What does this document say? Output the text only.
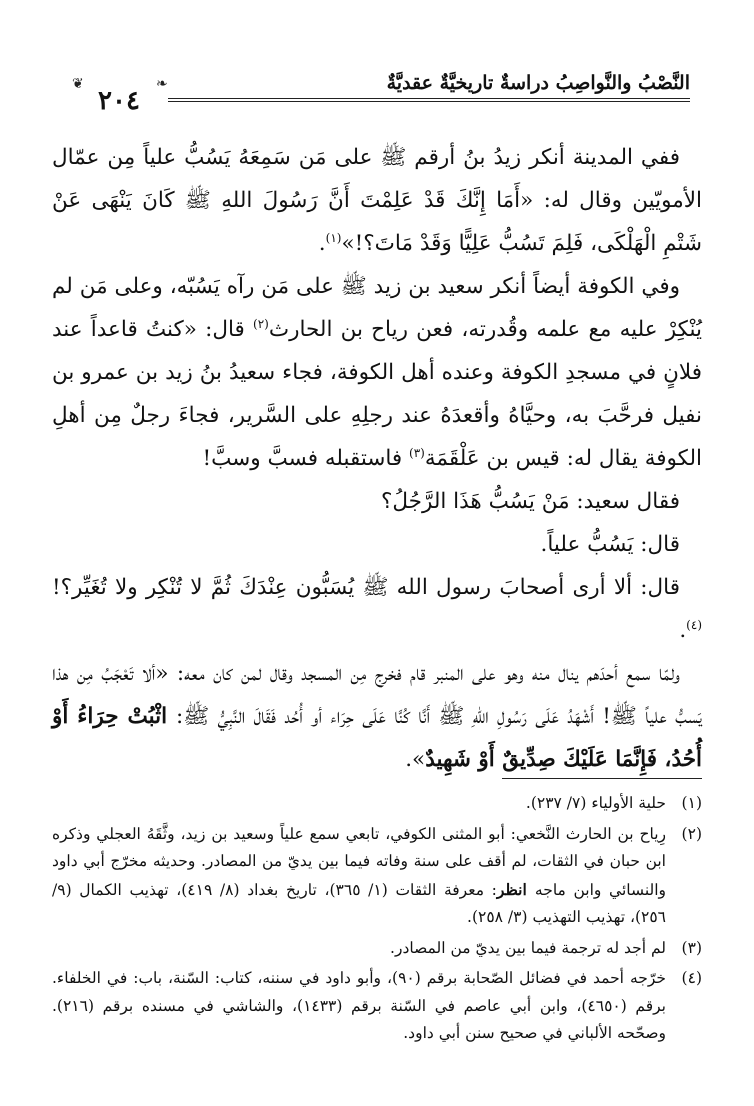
النَّصْبُ والنَّواصِبُ دراسةٌ تاريخيَّةٌ عقديَّةٌ
٢٠٤
❦	❧

ففي المدينة أنكر زيدُ بنُ أرقم ﷺ على مَن سَمِعَهُ يَسُبُّ علياً مِن عمّال الأمويّين وقال له: «أَمَا إِنَّكَ قَدْ عَلِمْتَ أَنَّ رَسُولَ اللهِ ﷺ كَانَ يَنْهَى عَنْ شَتْمِ الْهَلْكَى، فَلِمَ تَسُبُّ عَلِيًّا وَقَدْ مَاتَ؟!»$^{(١)}$.

وفي الكوفة أيضاً أنكر سعيد بن زيد ﷺ على مَن رآه يَسُبّه، وعلى مَن لم يُنْكِرْ عليه مع علمه وقُدرته، فعن رياح بن الحارث$^{(٢)}$ قال: «كنتُ قاعداً عند فلانٍ في مسجدِ الكوفة وعنده أهل الكوفة، فجاء سعيدُ بنُ زيد بن عمرو بن نفيل فرحَّبَ به، وحيَّاهُ وأقعدَهُ عند رجلِهِ على السَّرير، فجاءَ رجلٌ مِن أهلِ الكوفة يقال له: قيس بن عَلْقَمَة$^{(٣)}$ فاستقبله فسبَّ وسبَّ!

فقال سعيد: مَنْ يَسُبُّ هَذَا الرَّجُلُ؟

قال: يَسُبُّ علياً.

قال: ألا أرى أصحابَ رسول الله ﷺ يُسَبُّون عِنْدَكَ ثُمَّ لا تُنْكِر ولا تُغَيِّر؟!$^{(٤)}$.

ولمّا سمع أحدَهم ينال منه وهو على المنبر قام فخرج مِن المسجد وقال لمن كان معه: «ألا تَعْجَبُ مِن هذا يَسبُّ علياً ﷺ! أَشْهَدُ عَلَى رَسُولِ اللهِ ﷺ أَنَّا كُنَّا عَلَى حِرَاء أو أُحُد فَقَالَ النَّبِيُّ ﷺ: اثْبُتْ حِرَاءُ أَوْ أُحُدُ، فَإِنَّمَا عَلَيْكَ صِدِّيقٌ أَوْ شَهِيدٌ».

(١)
حلية الأولياء (٧/ ٢٣٧).
(٢)
رِياح بن الحارث النَّخعي: أبو المثنى الكوفي، تابعي سمع علياً وسعيد بن زيد، وثَّقَهُ العجلي وذكره ابن حبان في الثقات، لم أقف على سنة وفاته فيما بين يديّ من المصادر. وحديثه مخرّج أبي داود والنسائي وابن ماجه انظر: معرفة الثقات (١/ ٣٦٥)، تاريخ بغداد (٨/ ٤١٩)، تهذيب الكمال (٩/ ٢٥٦)، تهذيب التهذيب (٣/ ٢٥٨).
(٣)
لم أجد له ترجمة فيما بين يديّ من المصادر.
(٤)
خرّجه أحمد في فضائل الصّحابة برقم (٩٠)، وأبو داود في سننه، كتاب: السّنة، باب: في الخلفاء. برقم (٤٦٥٠)، وابن أبي عاصم في السّنة برقم (١٤٣٣)، والشاشي في مسنده برقم (٢١٦). وصحّحه الألباني في صحيح سنن أبي داود.
